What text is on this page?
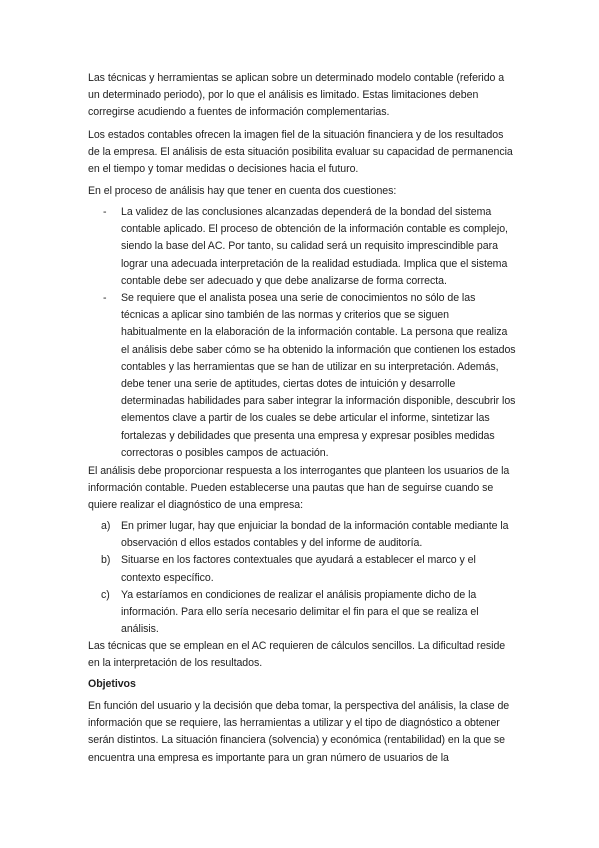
Las técnicas y herramientas se aplican sobre un determinado modelo contable (referido a un determinado periodo), por lo que el análisis es limitado. Estas limitaciones deben corregirse acudiendo a fuentes de información complementarias.

Los estados contables ofrecen la imagen fiel de la situación financiera y de los resultados de la empresa. El análisis de esta situación posibilita evaluar su capacidad de permanencia en el tiempo y tomar medidas o decisiones hacia el futuro.

En el proceso de análisis hay que tener en cuenta dos cuestiones:

- La validez de las conclusiones alcanzadas dependerá de la bondad del sistema contable aplicado. El proceso de obtención de la información contable es complejo, siendo la base del AC. Por tanto, su calidad será un requisito imprescindible para lograr una adecuada interpretación de la realidad estudiada. Implica que el sistema contable debe ser adecuado y que debe analizarse de forma correcta.
- Se requiere que el analista posea una serie de conocimientos no sólo de las técnicas a aplicar sino también de las normas y criterios que se siguen habitualmente en la elaboración de la información contable. La persona que realiza el análisis debe saber cómo se ha obtenido la información que contienen los estados contables y las herramientas que se han de utilizar en su interpretación. Además, debe tener una serie de aptitudes, ciertas dotes de intuición y desarrolle determinadas habilidades para saber integrar la información disponible, descubrir los elementos clave a partir de los cuales se debe articular el informe, sintetizar las fortalezas y debilidades que presenta una empresa y expresar posibles medidas correctoras o posibles campos de actuación.

El análisis debe proporcionar respuesta a los interrogantes que planteen los usuarios de la información contable. Pueden establecerse una pautas que han de seguirse cuando se quiere realizar el diagnóstico de una empresa:

a) En primer lugar, hay que enjuiciar la bondad de la información contable mediante la observación d ellos estados contables y del informe de auditoría.
b) Situarse en los factores contextuales que ayudará a establecer el marco y el contexto específico.
c) Ya estaríamos en condiciones de realizar el análisis propiamente dicho de la información. Para ello sería necesario delimitar el fin para el que se realiza el análisis.

Las técnicas que se emplean en el AC requieren de cálculos sencillos. La dificultad reside en la interpretación de los resultados.

Objetivos

En función del usuario y la decisión que deba tomar, la perspectiva del análisis, la clase de información que se requiere, las herramientas a utilizar y el tipo de diagnóstico a obtener serán distintos. La situación financiera (solvencia) y económica (rentabilidad) en la que se encuentra una empresa es importante para un gran número de usuarios de la
